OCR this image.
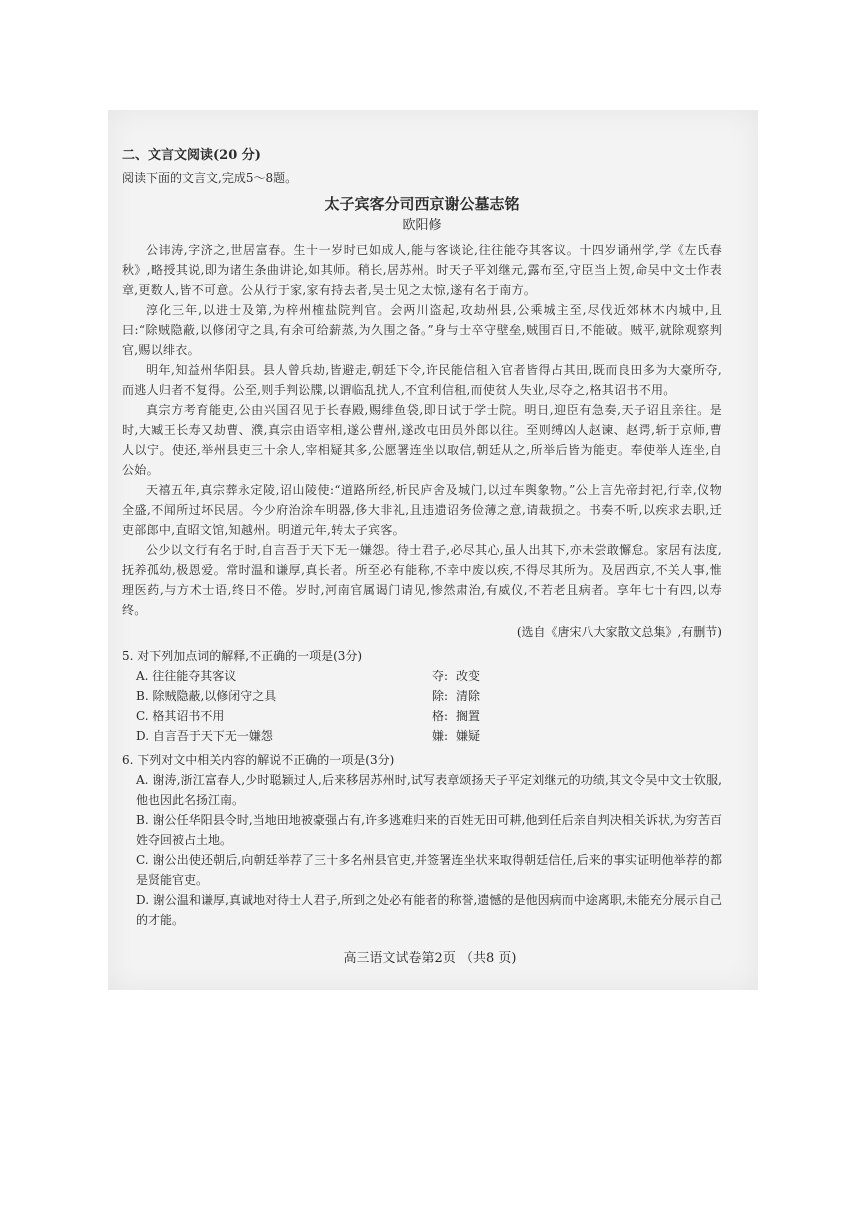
二、文言文阅读(20 分)
阅读下面的文言文,完成5～8题。
太子宾客分司西京谢公墓志铭
欧阳修

公讳涛,字济之,世居富春。生十一岁时已如成人,能与客谈论,往往能夺其客议。十四岁诵州学,学《左氏春秋》,略授其说,即为诸生条曲讲论,如其师。稍长,居苏州。时天子平刘继元,露布至,守臣当上贺,命吴中文士作表章,更数人,皆不可意。公从行于家,家有持去者,吴士见之太惊,遂有名于南方。

淳化三年,以进士及第,为梓州榷盐院判官。会两川盗起,攻劫州县,公乘城主至,尽伐近郊林木内城中,且曰:“除贼隐蔽,以修闭守之具,有余可给薪蒸,为久围之备。”身与士卒守壁垒,贼围百日,不能破。贼平,就除观察判官,赐以绯衣。

明年,知益州华阳县。县人曾兵劫,皆避走,朝廷下令,许民能信租入官者皆得占其田,既而良田多为大豪所夺,而逃人归者不复得。公至,则手判讼牒,以谓临乱扰人,不宜利信租,而使贫人失业,尽夺之,格其诏书不用。

真宗方考育能吏,公由兴国召见于长春殿,赐绯鱼袋,即日试于学士院。明日,迎臣有急奏,天子诏且亲往。是时,大臧王长寿又劫曹、濮,真宗由语宰相,遂公曹州,遂改屯田员外郎以往。至则缚凶人赵谏、赵谔,斩于京师,曹人以宁。使还,举州县吏三十余人,宰相疑其多,公愿署连坐以取信,朝廷从之,所举后皆为能吏。奉使举人连坐,自公始。

天禧五年,真宗葬永定陵,诏山陵使:“道路所经,析民庐舍及城门,以过车舆象物。”公上言先帝封祀,行幸,仪物全盛,不闻所过坏民居。今少府治涂车明器,侈大非礼,且违遗诏务俭薄之意,请裁损之。书奏不听,以疾求去职,迁吏部郎中,直昭文馆,知越州。明道元年,转太子宾客。

公少以文行有名于时,自言吾于天下无一嫌怨。待士君子,必尽其心,虽人出其下,亦未尝敢懈怠。家居有法度,抚养孤幼,极恩爱。常时温和谦厚,真长者。所至必有能称,不幸中废以疾,不得尽其所为。及居西京,不关人事,惟理医药,与方术士语,终日不倦。岁时,河南官属谒门请见,惨然肃治,有威仪,不若老且病者。享年七十有四,以寿终。

(选自《唐宋八大家散文总集》,有删节)
5. 对下列加点词的解释,不正确的一项是(3分)
A. 往往能夺其客议	夺 : 改变
B. 除贼隐蔽,以修闭守之具	除 : 清除
C. 格其诏书不用	格 : 搁置
D. 自言吾于天下无一嫌怨	嫌 : 嫌疑
6. 下列对文中相关内容的解说不正确的一项是(3分)
A. 谢涛,浙江富春人,少时聪颖过人,后来移居苏州时,试写表章颂扬天子平定刘继元的功绩,其文令吴中文士钦服,他也因此名扬江南。
B. 谢公任华阳县令时,当地田地被豪强占有,许多逃难归来的百姓无田可耕,他到任后亲自判决相关诉状,为穷苦百姓夺回被占土地。
C. 谢公出使还朝后,向朝廷举荐了三十多名州县官吏,并签署连坐状来取得朝廷信任,后来的事实证明他举荐的都是贤能官吏。
D. 谢公温和谦厚,真诚地对待士人君子,所到之处必有能者的称誉,遗憾的是他因病而中途离职,未能充分展示自己的才能。
高三语文试卷第2页 （共8 页)
